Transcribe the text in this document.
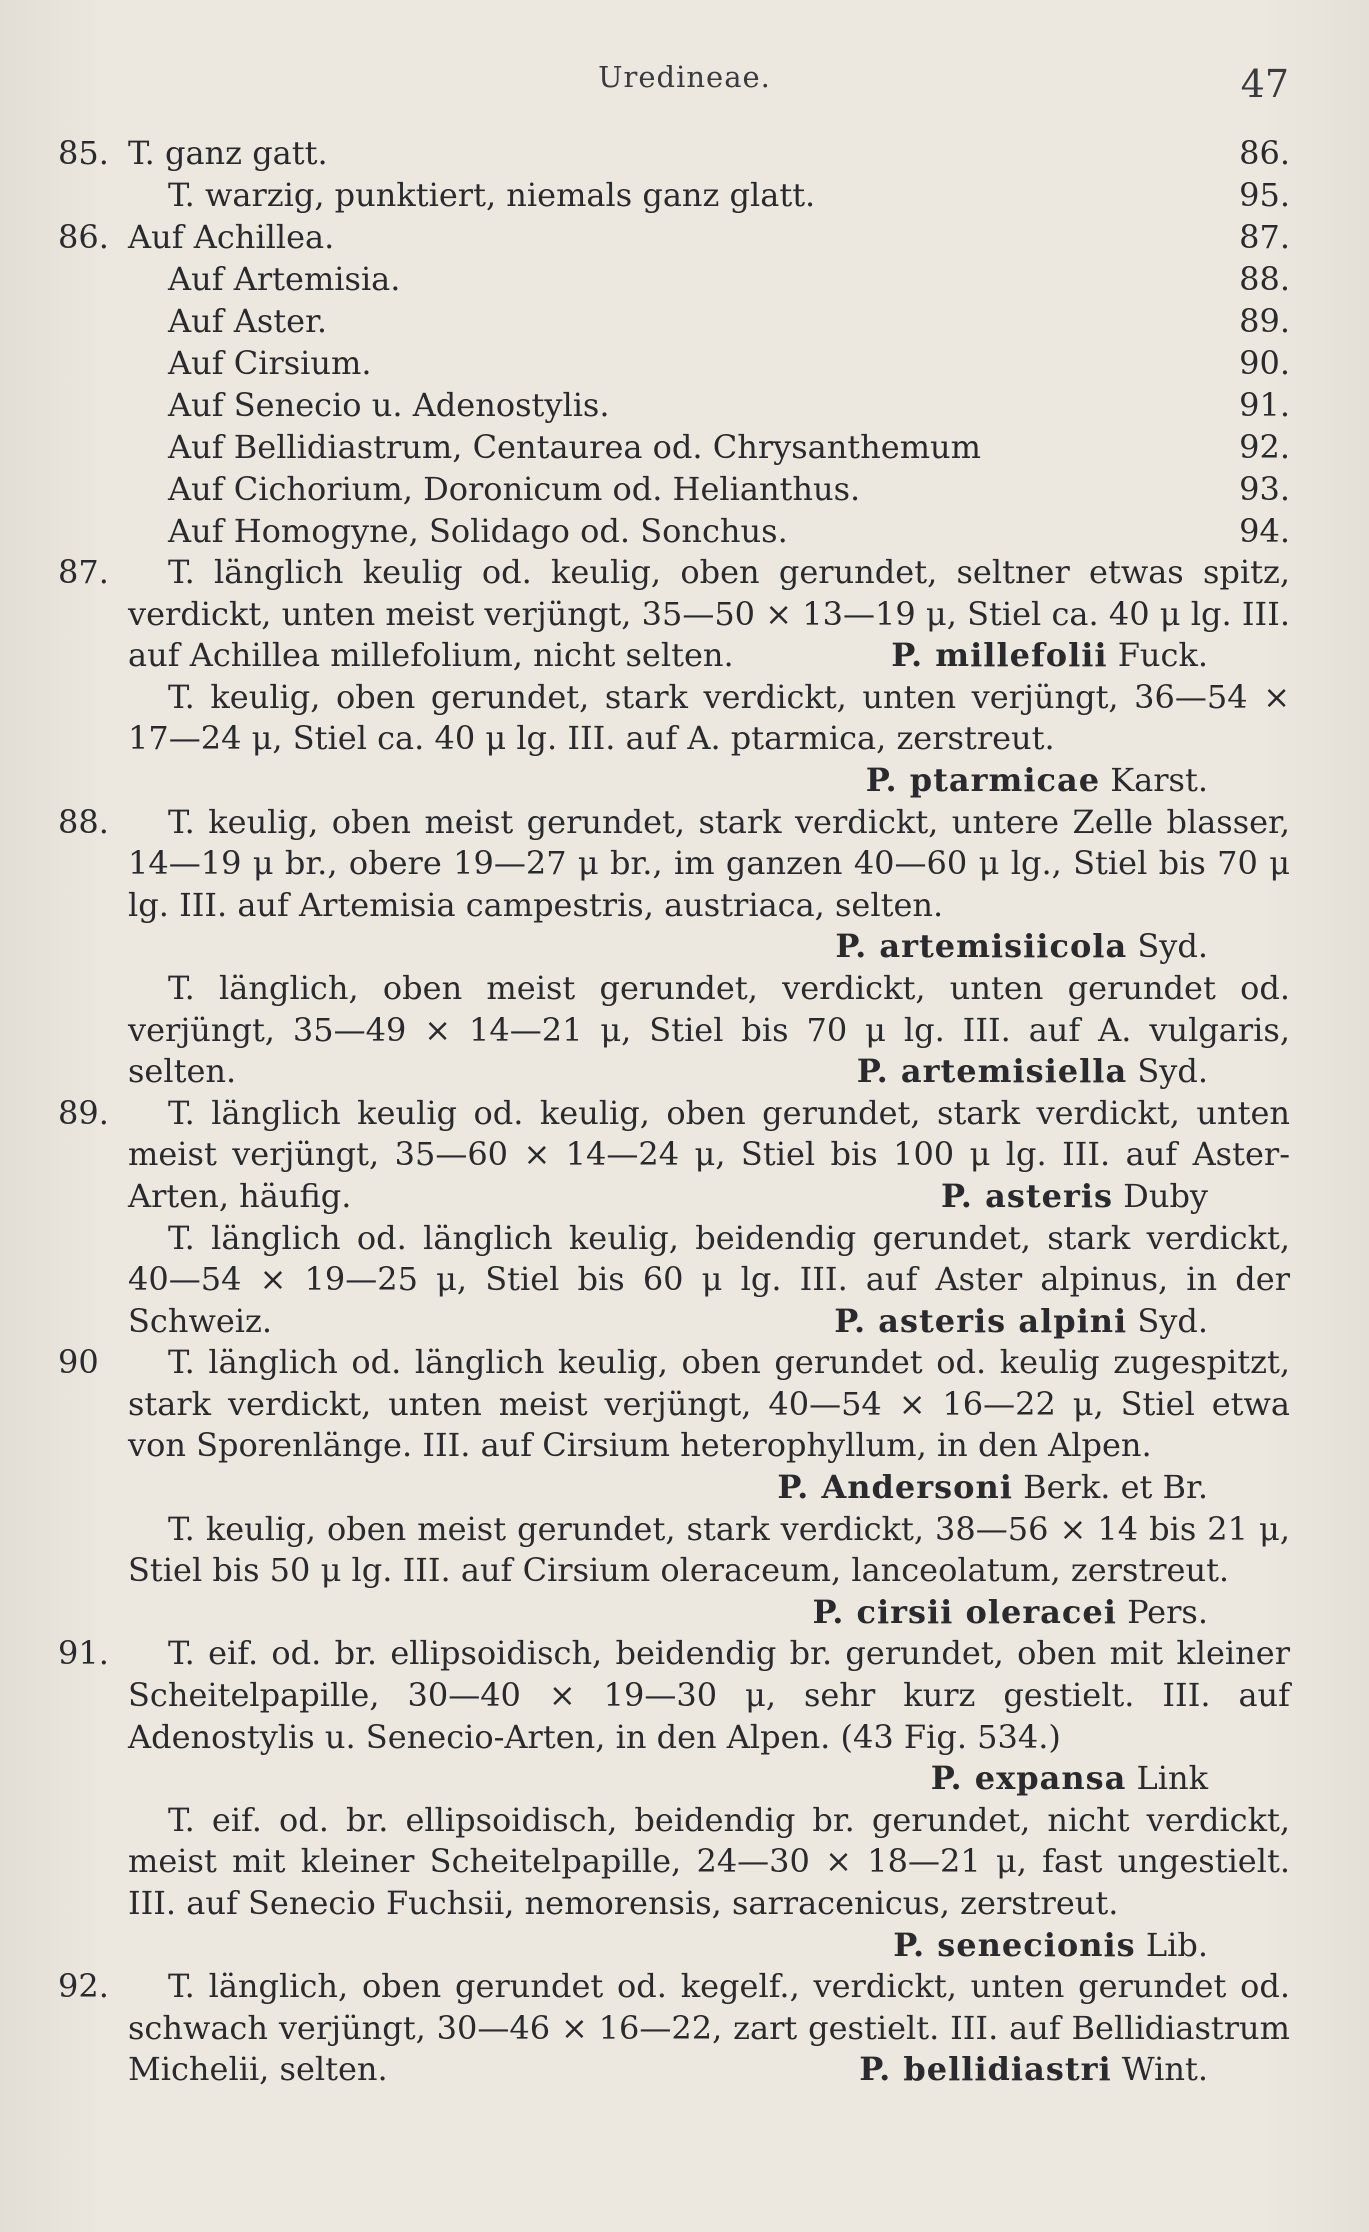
Uredineae.	47
85. T. ganz gatt.	86.
T. warzig, punktiert, niemals ganz glatt.	95.
86. Auf Achillea.	87.
Auf Artemisia.	88.
Auf Aster.	89.
Auf Cirsium.	90.
Auf Senecio u. Adenostylis.	91.
Auf Bellidiastrum, Centaurea od. Chrysanthemum	92.
Auf Cichorium, Doronicum od. Helianthus.	93.
Auf Homogyne, Solidago od. Sonchus.	94.
87.	T. länglich keulig od. keulig, oben gerundet, seltner etwas spitz, verdickt, unten meist verjüngt, 35—50 × 13—19 μ, Stiel ca. 40 μ lg. III. auf Achillea millefolium, nicht selten.	P. millefolii Fuck.
T. keulig, oben gerundet, stark verdickt, unten verjüngt, 36—54 × 17—24 μ, Stiel ca. 40 μ lg. III. auf A. ptarmica, zerstreut.
P. ptarmicae Karst.
88.	T. keulig, oben meist gerundet, stark verdickt, untere Zelle blasser, 14—19 μ br., obere 19—27 μ br., im ganzen 40—60 μ lg., Stiel bis 70 μ lg. III. auf Artemisia campestris, austriaca, selten.
P. artemisiicola Syd.
T. länglich, oben meist gerundet, verdickt, unten gerundet od. verjüngt, 35—49 × 14—21 μ, Stiel bis 70 μ lg. III. auf A. vulgaris, selten.	P. artemisiella Syd.
89.	T. länglich keulig od. keulig, oben gerundet, stark verdickt, unten meist verjüngt, 35—60 × 14—24 μ, Stiel bis 100 μ lg. III. auf Aster-Arten, häufig.	P. asteris Duby
T. länglich od. länglich keulig, beidendig gerundet, stark verdickt, 40—54 × 19—25 μ, Stiel bis 60 μ lg. III. auf Aster alpinus, in der Schweiz.	P. asteris alpini Syd.
90	T. länglich od. länglich keulig, oben gerundet od. keulig zugespitzt, stark verdickt, unten meist verjüngt, 40—54 × 16—22 μ, Stiel etwa von Sporenlänge. III. auf Cirsium heterophyllum, in den Alpen.
P. Andersoni Berk. et Br.
T. keulig, oben meist gerundet, stark verdickt, 38—56 × 14 bis 21 μ, Stiel bis 50 μ lg. III. auf Cirsium oleraceum, lanceolatum, zerstreut.
P. cirsii oleracei Pers.
91.	T. eif. od. br. ellipsoidisch, beidendig br. gerundet, oben mit kleiner Scheitelpapille, 30—40 × 19—30 μ, sehr kurz gestielt. III. auf Adenostylis u. Senecio-Arten, in den Alpen. (43 Fig. 534.)
P. expansa Link
T. eif. od. br. ellipsoidisch, beidendig br. gerundet, nicht verdickt, meist mit kleiner Scheitelpapille, 24—30 × 18—21 μ, fast ungestielt. III. auf Senecio Fuchsii, nemorensis, sarracenicus, zerstreut.
P. senecionis Lib.
92.	T. länglich, oben gerundet od. kegelf., verdickt, unten gerundet od. schwach verjüngt, 30—46 × 16—22, zart gestielt. III. auf Bellidiastrum Michelii, selten.	P. bellidiastri Wint.
